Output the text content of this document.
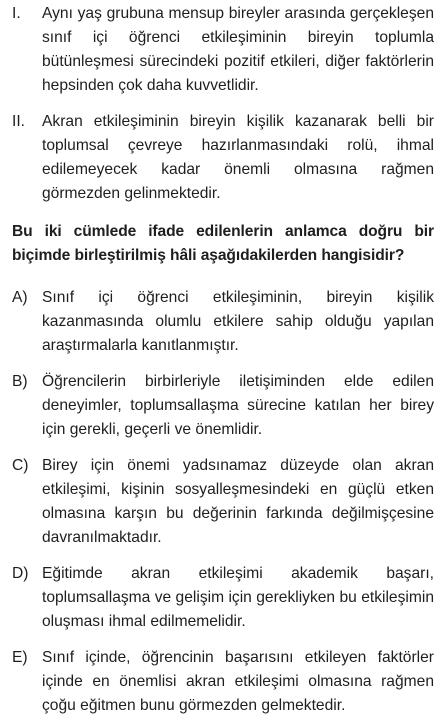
I.	Aynı yaş grubuna mensup bireyler arasında gerçekleşen sınıf içi öğrenci etkileşiminin bireyin toplumla bütünleşmesi sürecindeki pozitif etkileri, diğer faktörlerin hepsinden çok daha kuvvetlidir.
II.	Akran etkileşiminin bireyin kişilik kazanarak belli bir toplumsal çevreye hazırlanmasındaki rolü, ihmal edilemeyecek kadar önemli olmasına rağmen görmezden gelinmektedir.
Bu iki cümlede ifade edilenlerin anlamca doğru bir biçimde birleştirilmiş hâli aşağıdakilerden hangisidir?
A) Sınıf içi öğrenci etkileşiminin, bireyin kişilik kazanmasında olumlu etkilere sahip olduğu yapılan araştırmalarla kanıtlanmıştır.
B) Öğrencilerin birbirleriyle iletişiminden elde edilen deneyimler, toplumsallaşma sürecine katılan her birey için gerekli, geçerli ve önemlidir.
C) Birey için önemi yadsınamaz düzeyde olan akran etkileşimi, kişinin sosyalleşmesindeki en güçlü etken olmasına karşın bu değerinin farkında değilmişçesine davranılmaktadır.
D) Eğitimde akran etkileşimi akademik başarı, toplumsallaşma ve gelişim için gerekliyken bu etkileşimin oluşması ihmal edilmemelidir.
E) Sınıf içinde, öğrencinin başarısını etkileyen faktörler içinde en önemlisi akran etkileşimi olmasına rağmen çoğu eğitmen bunu görmezden gelmektedir.
